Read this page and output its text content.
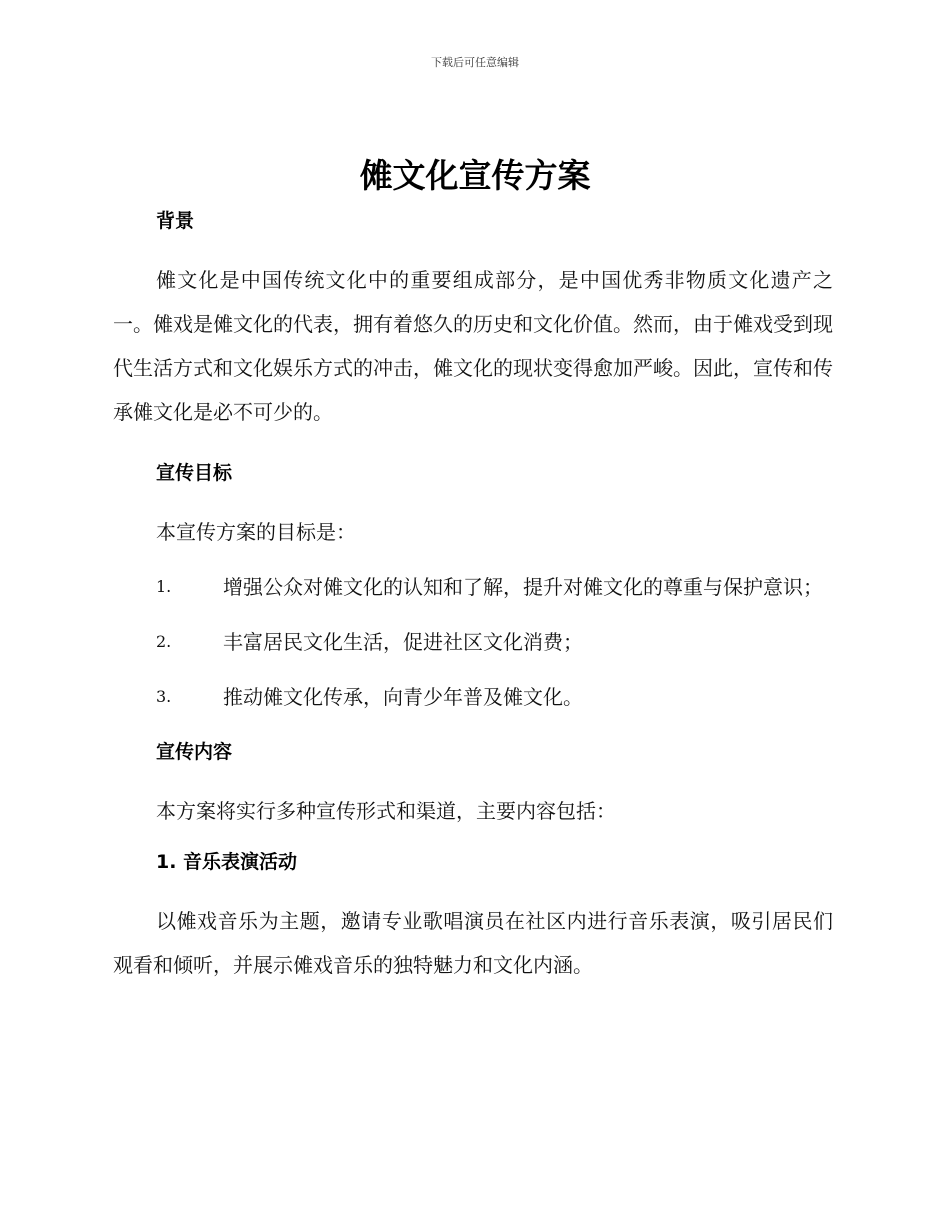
下载后可任意编辑
傩文化宣传方案
背景

傩文化是中国传统文化中的重要组成部分，是中国优秀非物质文化遗产之一。傩戏是傩文化的代表，拥有着悠久的历史和文化价值。然而，由于傩戏受到现代生活方式和文化娱乐方式的冲击，傩文化的现状变得愈加严峻。因此，宣传和传承傩文化是必不可少的。

宣传目标

本宣传方案的目标是：

1.	增强公众对傩文化的认知和了解，提升对傩文化的尊重与保护意识；
2.	丰富居民文化生活，促进社区文化消费；
3.	推动傩文化传承，向青少年普及傩文化。
宣传内容

本方案将实行多种宣传形式和渠道，主要内容包括：

1. 音乐表演活动

以傩戏音乐为主题，邀请专业歌唱演员在社区内进行音乐表演，吸引居民们观看和倾听，并展示傩戏音乐的独特魅力和文化内涵。
